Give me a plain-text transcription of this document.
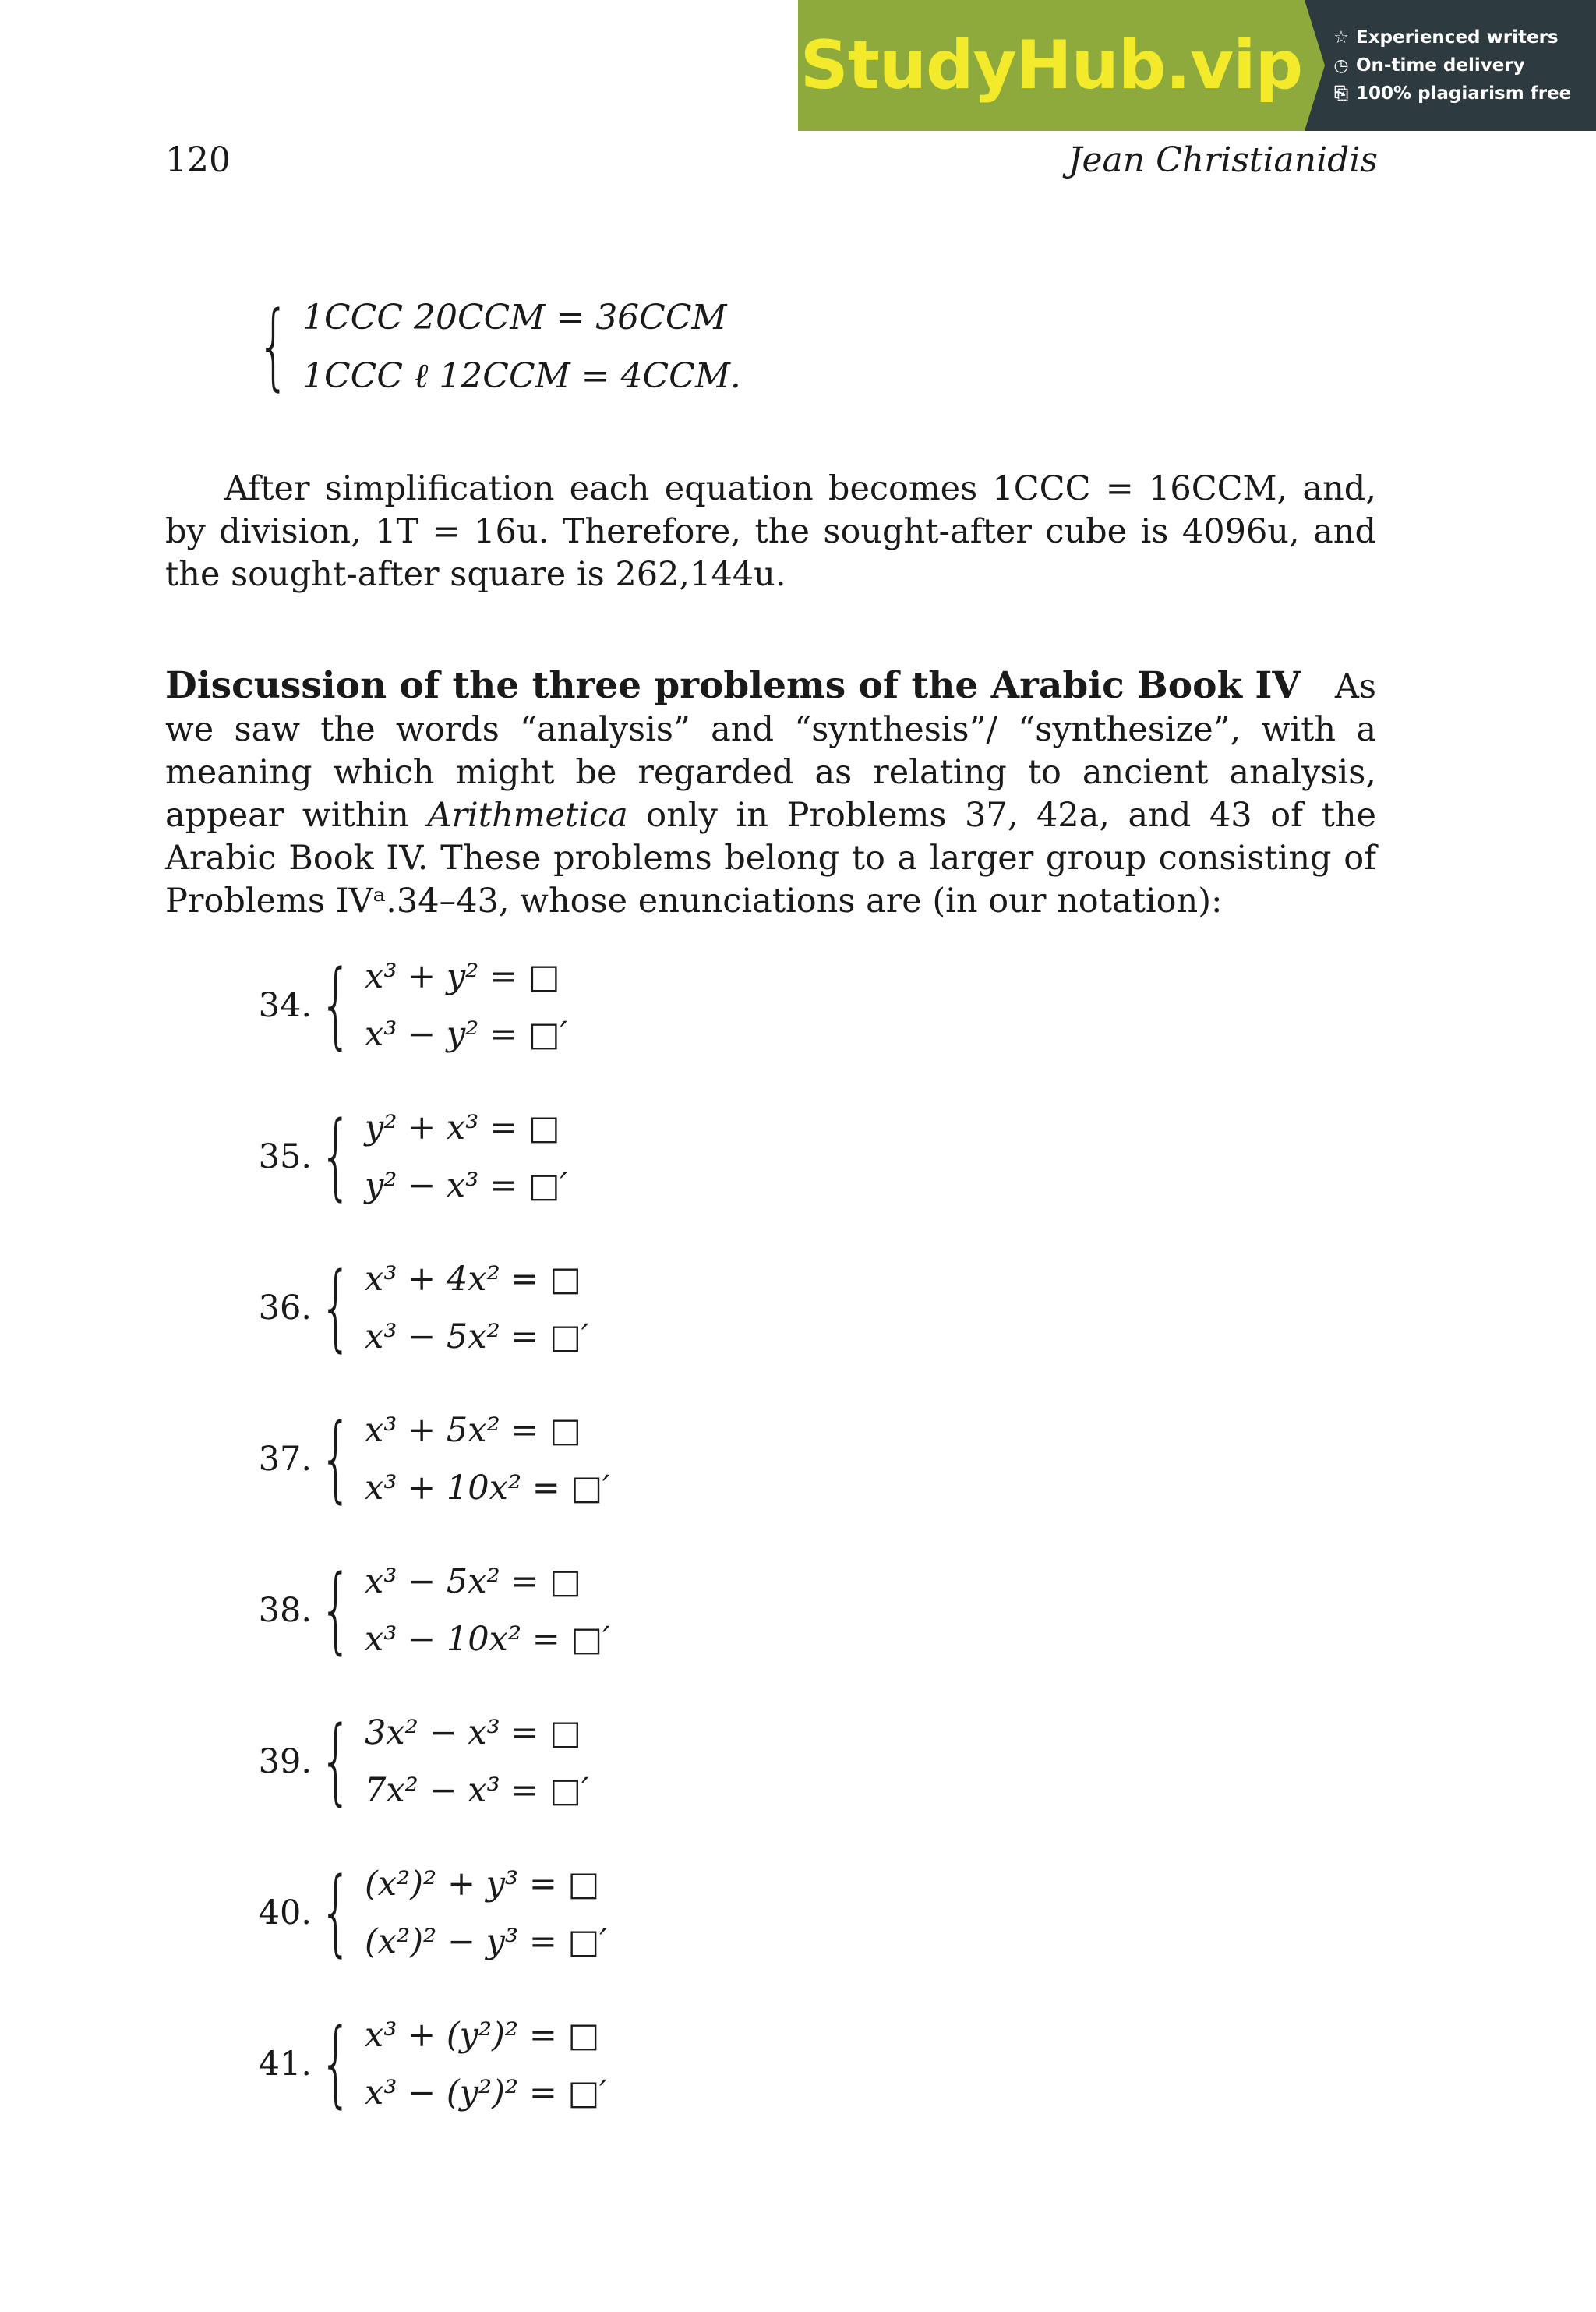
StudyHub.vip ☆ Experienced writers
◷ On-time delivery
⎘ 100% plagiarism free
120	Jean Christianidis
{ 1CCC 20CCM = 36CCM
1CCC ℓ 12CCM = 4CCM.

After simplification each equation becomes 1CCC = 16CCM, and, by division, 1T = 16u. Therefore, the sought-after cube is 4096u, and the sought-after square is 262,144u.

Discussion of the three problems of the Arabic Book IV As we saw the words “analysis” and “synthesis”/ “synthesize”, with a meaning which might be regarded as relating to ancient analysis, appear within Arithmetica only in Problems 37, 42a, and 43 of the Arabic Book IV. These problems belong to a larger group consisting of Problems IVᵃ.34–43, whose enunciations are (in our notation):

34. { x³ + y² = □
x³ − y² = □′
35. { y² + x³ = □
y² − x³ = □′
36. { x³ + 4x² = □
x³ − 5x² = □′
37. { x³ + 5x² = □
x³ + 10x² = □′
38. { x³ − 5x² = □
x³ − 10x² = □′
39. { 3x² − x³ = □
7x² − x³ = □′
40. { (x²)² + y³ = □
(x²)² − y³ = □′
41. { x³ + (y²)² = □
x³ − (y²)² = □′
